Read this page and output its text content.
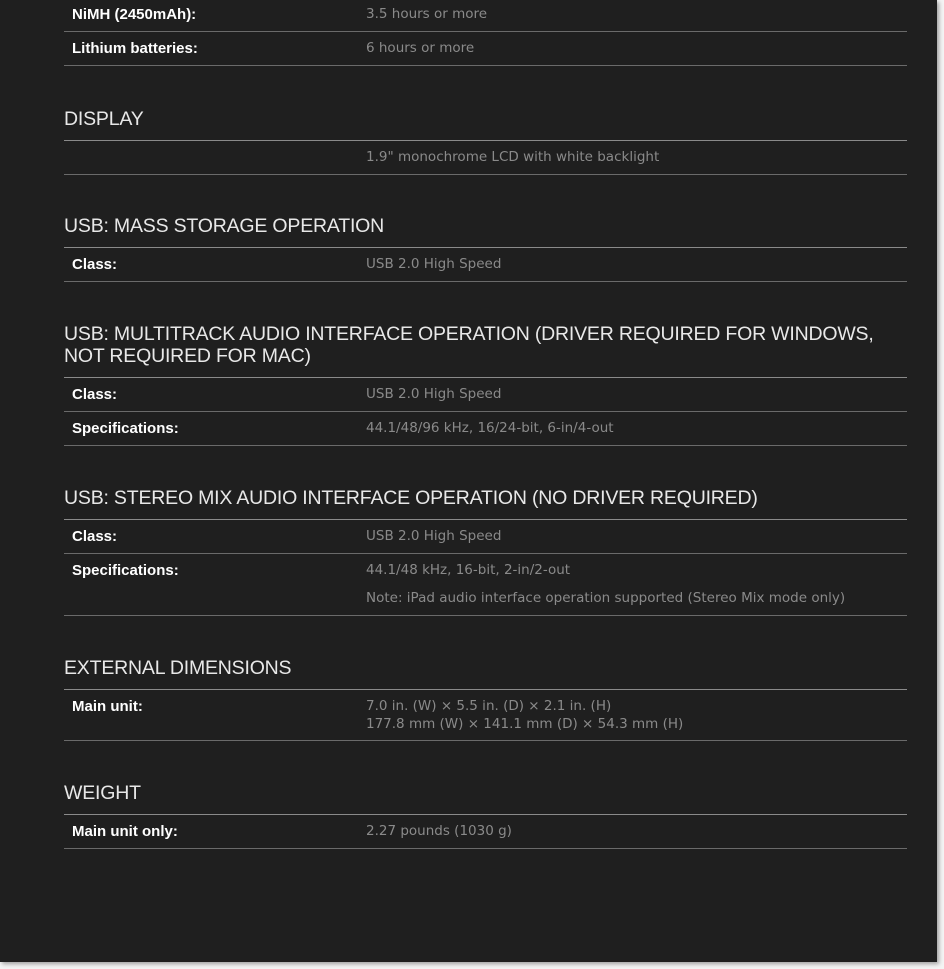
NiMH (2450mAh):	3.5 hours or more
Lithium batteries:	6 hours or more
DISPLAY
1.9" monochrome LCD with white backlight
USB: MASS STORAGE OPERATION
Class:	USB 2.0 High Speed
USB: MULTITRACK AUDIO INTERFACE OPERATION (DRIVER REQUIRED FOR WINDOWS,
NOT REQUIRED FOR MAC)
Class:	USB 2.0 High Speed
Specifications:	44.1/48/96 kHz, 16/24-bit, 6-in/4-out
USB: STEREO MIX AUDIO INTERFACE OPERATION (NO DRIVER REQUIRED)
Class:	USB 2.0 High Speed
Specifications:	44.1/48 kHz, 16-bit, 2-in/2-out
Note: iPad audio interface operation supported (Stereo Mix mode only)
EXTERNAL DIMENSIONS
Main unit:	7.0 in. (W) × 5.5 in. (D) × 2.1 in. (H)
177.8 mm (W) × 141.1 mm (D) × 54.3 mm (H)
WEIGHT
Main unit only:	2.27 pounds (1030 g)
